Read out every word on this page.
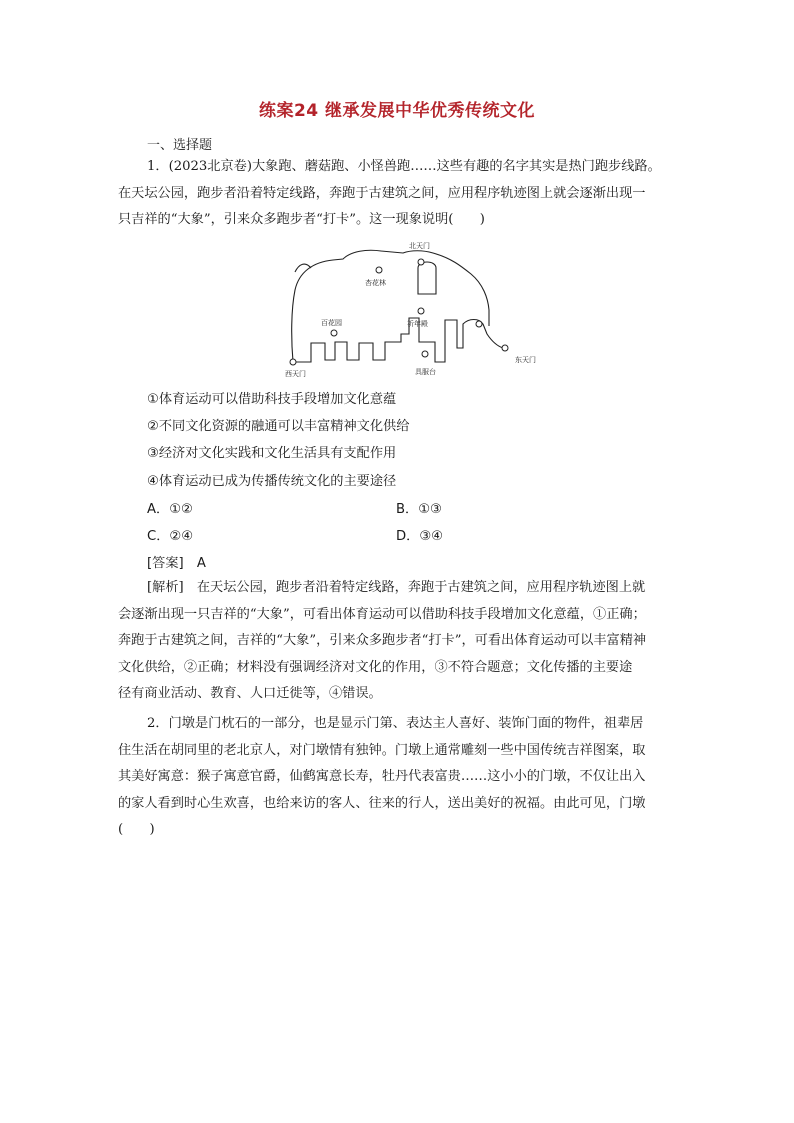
练案24 继承发展中华优秀传统文化
一、选择题
1．(2023北京卷)大象跑、蘑菇跑、小怪兽跑……这些有趣的名字其实是热门跑步线路。
在天坛公园，跑步者沿着特定线路，奔跑于古建筑之间，应用程序轨迹图上就会逐渐出现一
只吉祥的“大象”，引来众多跑步者“打卡”。这一现象说明(　　)
北天门
杏花林
百花园	祈年殿
西天门
东天门
具服台
①体育运动可以借助科技手段增加文化意蕴
②不同文化资源的融通可以丰富精神文化供给
③经济对文化实践和文化生活具有支配作用
④体育运动已成为传播传统文化的主要途径
A．①②	B．①③
C．②④	D．③④
[答案]　A
[解析]　在天坛公园，跑步者沿着特定线路，奔跑于古建筑之间，应用程序轨迹图上就
会逐渐出现一只吉祥的“大象”，可看出体育运动可以借助科技手段增加文化意蕴，①正确；
奔跑于古建筑之间，吉祥的“大象”，引来众多跑步者“打卡”，可看出体育运动可以丰富精神
文化供给，②正确；材料没有强调经济对文化的作用，③不符合题意；文化传播的主要途
径有商业活动、教育、人口迁徙等，④错误。
2．门墩是门枕石的一部分，也是显示门第、表达主人喜好、装饰门面的物件，祖辈居
住生活在胡同里的老北京人，对门墩情有独钟。门墩上通常雕刻一些中国传统吉祥图案，取
其美好寓意：猴子寓意官爵，仙鹤寓意长寿，牡丹代表富贵……这小小的门墩，不仅让出入
的家人看到时心生欢喜，也给来访的客人、往来的行人，送出美好的祝福。由此可见，门墩
(　　)
